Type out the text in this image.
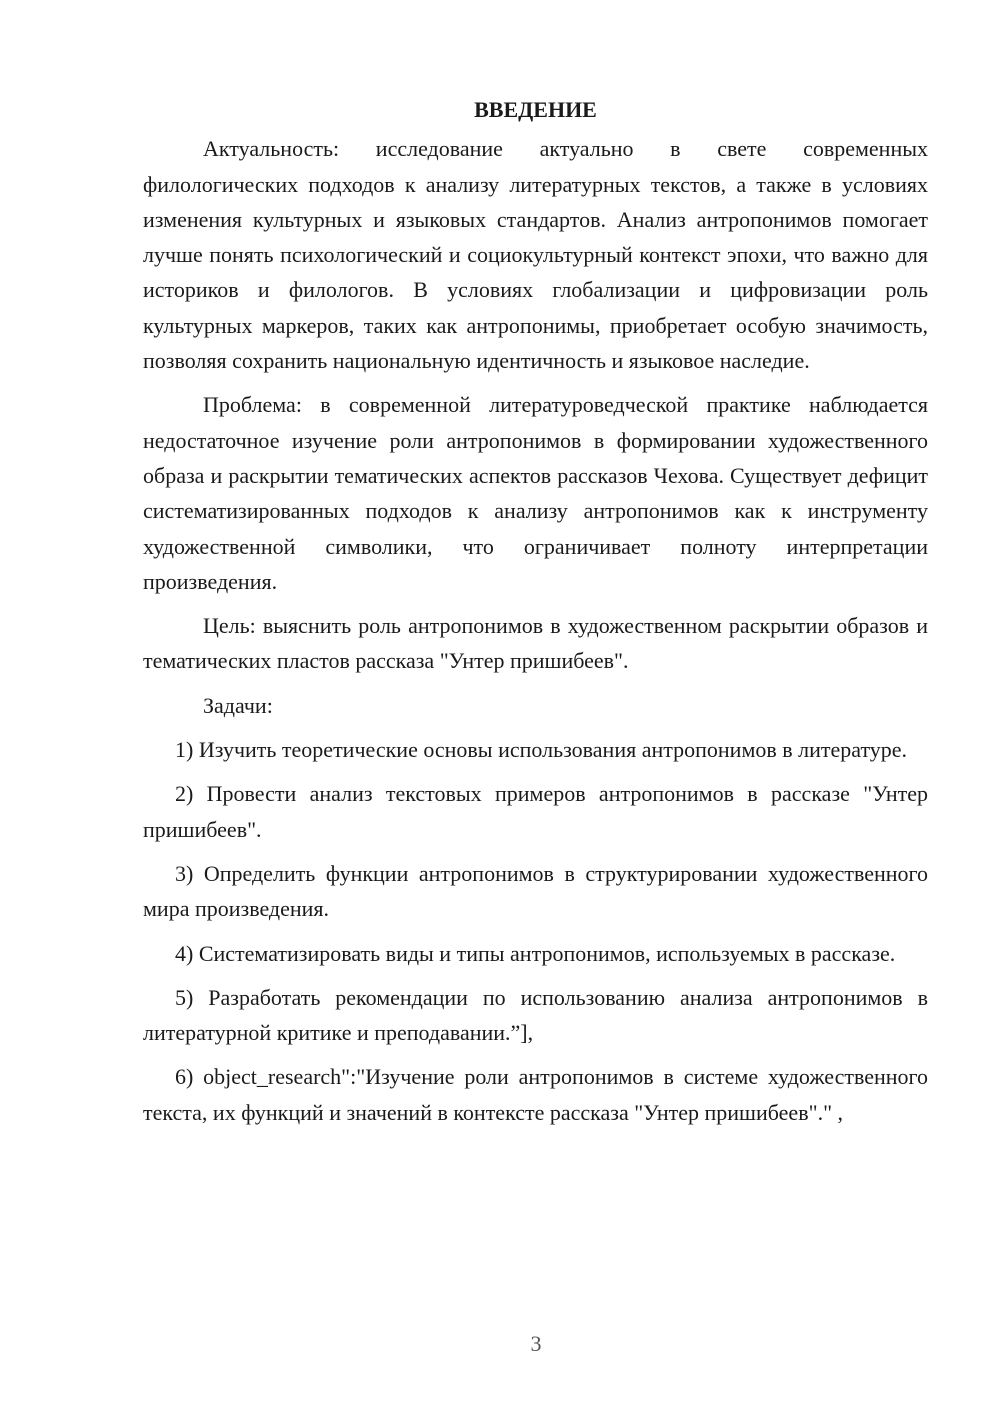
ВВЕДЕНИЕ

Актуальность: исследование актуально в свете современных филологических подходов к анализу литературных текстов, а также в условиях изменения культурных и языковых стандартов. Анализ антропонимов помогает лучше понять психологический и социокультурный контекст эпохи, что важно для историков и филологов. В условиях глобализации и цифровизации роль культурных маркеров, таких как антропонимы, приобретает особую значимость, позволяя сохранить национальную идентичность и языковое наследие.

Проблема: в современной литературоведческой практике наблюдается недостаточное изучение роли антропонимов в формировании художественного образа и раскрытии тематических аспектов рассказов Чехова. Существует дефицит систематизированных подходов к анализу антропонимов как к инструменту художественной символики, что ограничивает полноту интерпретации произведения.

Цель: выяснить роль антропонимов в художественном раскрытии образов и тематических пластов рассказа "Унтер пришибеев".

Задачи:

1) Изучить теоретические основы использования антропонимов в литературе.

2) Провести анализ текстовых примеров антропонимов в рассказе "Унтер пришибеев".

3) Определить функции антропонимов в структурировании художественного мира произведения.

4) Систематизировать виды и типы антропонимов, используемых в рассказе.

5) Разработать рекомендации по использованию анализа антропонимов в литературной критике и преподавании.”],

6) object_research":"Изучение роли антропонимов в системе художественного текста, их функций и значений в контексте рассказа "Унтер пришибеев"." ,

3
